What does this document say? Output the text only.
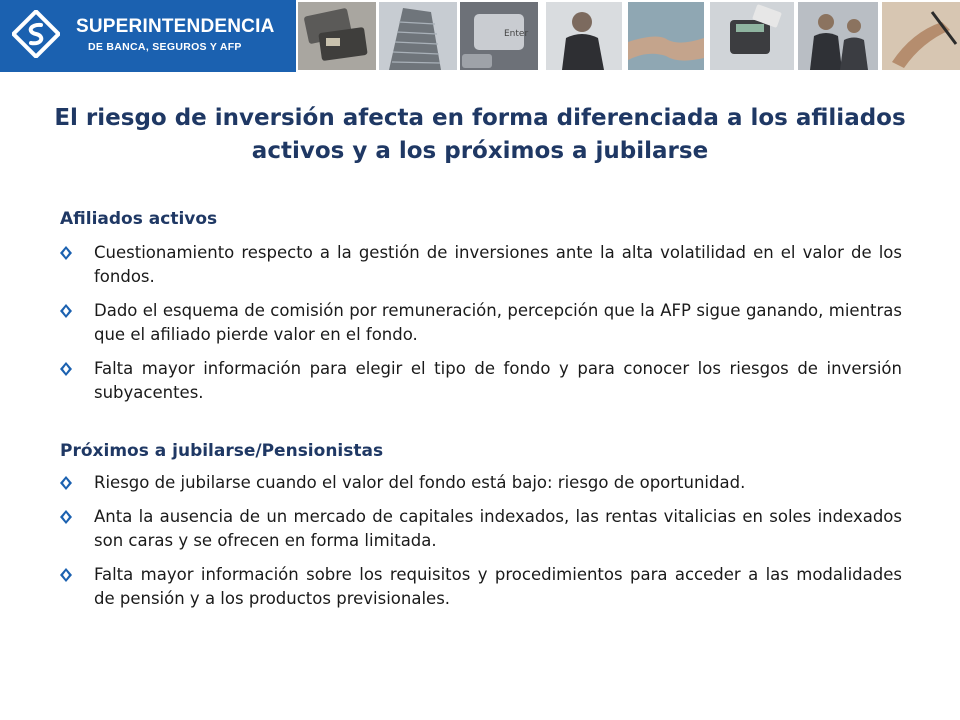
SUPERINTENDENCIA
DE BANCA, SEGUROS Y AFP
Enter
El riesgo de inversión afecta en forma diferenciada a los afiliados activos y a los próximos a jubilarse
Afiliados activos
Cuestionamiento respecto a la gestión de inversiones ante la alta volatilidad en el valor de los fondos.
Dado el esquema de comisión por remuneración, percepción que la AFP sigue ganando, mientras que el afiliado pierde valor en el fondo.
Falta mayor información para elegir el tipo de fondo y para conocer los riesgos de inversión subyacentes.
Próximos a jubilarse/Pensionistas
Riesgo de jubilarse cuando el valor del fondo está bajo: riesgo de oportunidad.
Anta la ausencia de un mercado de capitales indexados, las rentas vitalicias en soles indexados son caras y se ofrecen en forma limitada.
Falta mayor información sobre los requisitos y procedimientos para acceder a las modalidades de pensión y a los productos previsionales.
